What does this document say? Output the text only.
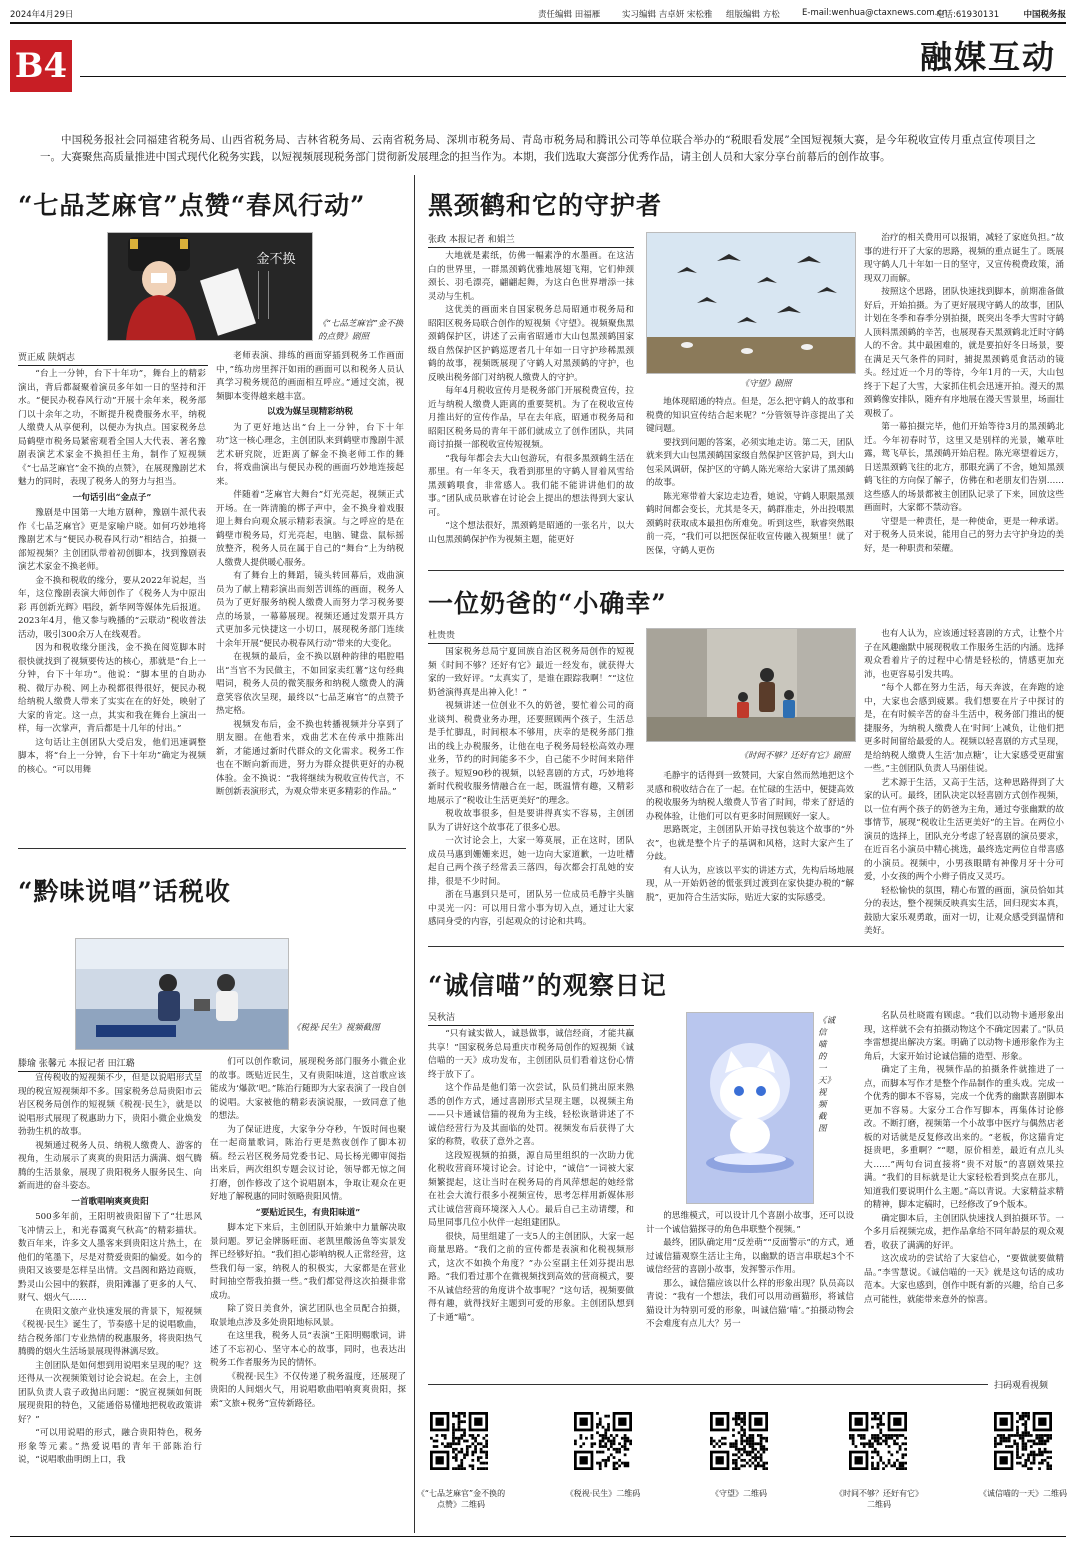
2024年4月29日	责任编辑 田福雁	实习编辑 吉卓妍 宋松雅 组版编辑 方松	E-mail:wenhua@ctaxnews.com.cn
电话:61930131	中国税务报
B4	融媒互动
中国税务报社会同福建省税务局、山西省税务局、吉林省税务局、云南省税务局、深圳市税务局、青岛市税务局和腾讯公司等单位联合举办的“税眼看发展”全国短视频大赛，是今年税收宣传月重点宣传项目之一。大赛聚焦高质量推进中国式现代化税务实践，以短视频展现税务部门贯彻新发展理念的担当作为。本期，我们选取大赛部分优秀作品，请主创人员和大家分享台前幕后的创作故事。
“七品芝麻官”点赞“春风行动”
金不换
《“七品芝麻官”金不换的点赞》剧照
贾正威 陕炳志

“台上一分钟，台下十年功”，舞台上的精彩演出，背后都凝聚着演员多年如一日的坚持和汗水。“便民办税春风行动”开展十余年来，税务部门以十余年之功，不断提升税费服务水平，纳税人缴费人从享便利，以便办为执点。国家税务总局鹤壁市税务局紧密观看全国人大代表、著名豫剧表演艺术家金不换担任主角，制作了短视频《“七品芝麻官”金不换的点赞》，在展现豫剧艺术魅力的同时，表现了税务人的努力与担当。

一句话引出“金点子”

豫剧是中国第一大地方剧种，豫剧牛派代表作《七品芝麻官》更是家喻户晓。如何巧妙地将豫剧艺术与“便民办税春风行动”相结合，拍摄一部短视频？主创团队带着初创脚本，找到豫剧表演艺术家金不换老师。

金不换和税收的缘分，要从2022年说起，当年，这位豫剧表演大师创作了《税务人为中原出彩 再创新光辉》唱段，新华网等媒体先后报道。2023年4月，他又参与晚播的“云联动”税收普法活动，吸引300余万人在线观看。

因为和税收缘分匪浅，金不换在阅览脚本时很快就找到了视频要传达的核心，那就是“台上一分钟，台下十年功”。他说：“脚本里的自助办税、微厅办税、网上办税都很得很好，便民办税给纳税人缴费人带来了实实在在的好处，映射了大家的肯定。这一点，其实和我在舞台上演出一样，每一次掌声，背后都是十几年的付出。”

这句话让主创团队大受启发，他们迅速调整脚本，将“台上一分钟，台下十年功”确定为视频的核心。“可以用舞

老师表演、排练的画面穿插到税务工作画面中，”练功房里挥汗如雨的画面可以和税务人员认真学习税务规范的画面相互呼应。”通过交流，视频脚本变得越来越丰富。

以戏为媒呈现精彩纳税

为了更好地达出“台上一分钟，台下十年功”这一核心理念，主创团队来到鹤壁市豫剧牛派艺术研究院，近距离了解金不换老师工作的舞台，将戏曲演出与便民办税的画面巧妙地连接起来。

伴随着“芝麻官大舞台”灯光亮起，视频正式开场。在一阵清脆的梆子声中，金不换身着戏服迎上舞台向观众展示精彩表演。与之呼应的是在鹤壁市税务局，灯光亮起，电脑、键盘、鼠标摇放整齐，税务人员在属于自己的“舞台”上为纳税人缴费人提供暖心服务。

有了舞台上的舞蹈，镜头转回幕后，戏曲演员为了献上精彩演出而刻苦训练的画面，税务人员为了更好服务纳税人缴费人而努力学习税务要点的场景，一幕幕展现。视频还通过发票开具方式更加多元快捷这一小切口，展现税务部门连续十余年开展“便民办税春风行动”带来的大变化。

在视频的最后，金不换以剧种韵律的唱腔唱出“当官不为民做主，不如回家卖红薯”这句经典唱词，税务人员的微笑服务和纳税人缴费人的满意笑容依次呈现，最终以“七品芝麻官”的点赞予热定格。

视频发布后，金不换也转播视频并分享到了朋友圈。在他看来，戏曲艺术在传承中推陈出新，才能通过新时代群众的文化需求。税务工作也在不断向新而进，努力为群众提供更好的办税体验。金不换说：“我将继续为税收宣传代言，不断创新表演形式，为观众带来更多精彩的作品。”

“黔味说唱”话税收
《税视·民生》视频截图
滕瑜 张馨元 本报记者 田江璐

宣传税收的短视频不少，但是以说唱形式呈现的税宣短视频却不多。国家税务总局贵阳市云岩区税务局创作的短视频《税视·民生》，就是以说唱形式展现了税惠助力下，贵阳小微企业焕发勃勃生机的故事。

视频通过税务人员、纳税人缴费人、游客的视角，生动展示了爽爽的贵阳活力满满、烟气腾腾的生活景象，展现了贵阳税务人服务民生、向新而进的奋斗姿态。

一首歌唱响爽爽贵阳

500多年前，王阳明被贵阳留下了“壮思风飞冲情云上，和光春霭爽气秋高”的精彩描状。数百年来，许多文人墨客来到贵阳这片热土，在他们的笔墨下，尽是对赞爱贵阳的偏爱。如今的贵阳又该要是怎样呈出情。文昌阁和路边商贩，黔灵山公园中的猴群，贵阳滩瀑了更多的人气、财气、烟火气……

在贵阳文旅产业快速发展的背景下，短视频《税视·民生》诞生了，节奏感十足的说唱歌曲，结合税务部门专业热情的税惠服务，将贵阳热气腾腾的烟火生活场景展现得淋漓尽致。

主创团队是如何想到用说唱来呈现的呢？这还得从一次视频策划讨论会说起。在会上，主创团队负责人袁子政抛出问题：“脱宣视频如何既展现贵阳的特色，又能通俗易懂地把税收政策讲好？”

“可以用说唱的形式，融合贵阳特色，税务形象等元素。”热爱说唱的青年干部陈治行说，“说唱歌曲明朗上口，我

们可以创作歌词，展现税务部门服务小微企业的故事。既贴近民生，又有贵阳味道，这首歌应该能成为‘爆款’吧。”陈治行随即为大家表演了一段自创的说唱。大家被他的精彩表演说服，一致同意了他的想法。

为了保证进度，大家争分夺秒，午饭时间也聚在一起商量歌词，陈治行更是熬夜创作了脚本初稿。经云岩区税务局党委书记、局长杨光卿审阅指出来后，两次组织专题会议讨论，领导都无惊之间打磨，创作修改了这个说唱剧本，争取让观众在更好地了解税惠的同时领略贵阳风情。

“要贴近民生，有贵阳味道”

脚本定下来后，主创团队开始兼中力量解决取景问题。罗记金牌肠旺面、老凯里酸汤鱼等实景发挥已经够好拍。“我们担心影响纳税人正常经营，这些我们每一家，纳税人的积极实，大家都是在营业时间抽空帮我拍摄一些。”我们都觉得这次拍摄非常成功。

除了资日美食外，演艺团队也全员配合拍摄，取景地点涉及多处贵阳地标风景。

在这里我，税务人员“表演”王阳明赐歌词，讲述了不忘初心、坚守本心的故事，同时，也表达出税务工作者服务为民的情怀。

《税视·民生》不仅传递了税务温度，还展现了贵阳的人间烟火气，用说唱歌曲唱响爽爽贵阳，探索“文旅+税务”宣传新路径。

黑颈鹤和它的守护者
张政 本报记者 和娟兰

大地就是素纸，仿佛一幅素净的水墨画。在这洁白的世界里，一群黑颈鹤优雅地展翅飞翔，它们伸颈颈长、羽毛漂亮，翩翩起舞，为这白色世界增添一抹灵动与生机。

这优美的画面来自国家税务总局昭通市税务局和昭阳区税务局联合创作的短视频《守望》。视频聚焦黑颈鹤保护区，讲述了云南省昭通市大山包黑颈鹤国家级自然保护区护鹤巡逻者几十年如一日守护珍稀黑颈鹤的故事，视频既展现了守鹤人对黑颈鹤的守护，也反映出税务部门对纳税人缴费人的守护。

每年4月税收宣传月是税务部门开展税费宣传，拉近与纳税人缴费人距离的重要契机。为了在税收宣传月推出好的宣传作品，早在去年底，昭通市税务局和昭阳区税务局的青年干部们就成立了创作团队，共同商讨拍摄一部税收宣传短视频。

“我每年都会去大山包游玩，有很多黑颈鹤生活在那里。有一年冬天，我看到那里的守鹤人冒着风雪给黑颈鹤喂食，非常感人。我们能不能讲讲他们的故事。”团队成员耿睿在讨论会上提出的想法得到大家认可。

“这个想法很好，黑颈鹤是昭通的一张名片，以大山包黑颈鹤保护作为视频主题，能更好

《守望》剧照

地体现昭通的特点。但是，怎么把守鹤人的故事和税费的知识宣传结合起来呢？”分管领导许彦提出了关键问题。

要找到问题的答案，必须实地走访。第二天，团队就来到大山包黑颈鹤国家级自然保护区管护局，到大山包采风调研，保护区的守鹤人陈光寒给大家讲了黑颈鹤的故事。

陈光寒带着大家边走边看，她说，守鹤人职限黑颈鹤时间都会变长，尤其是冬天，鹤群准走，外出投喂黑颈鹤时获取成本最担伤所难免。听到这些，耿睿突然眼前一亮，“我们可以把医保征收宣传融入视频里！就了医保，守鹤人更伤

治疗的相关费用可以报销，减轻了家庭负担。”故事的进行开了大家的思路，视频的重点诞生了。既展现守鹤人几十年如一日的坚守，又宣传税费政策，涌现双刀而解。

按照这个思路，团队快速找到脚本，前期准备做好后，开始拍摄。为了更好展现守鹤人的故事，团队计划在冬季和春季分别拍摄，既突出冬季大雪时守鹤人顶料黑颈鹤的辛苦，也展现春天黑颈鹤北迁时守鹤人的不舍。其中最困难的，就是要拍好冬日场景，要在满足天气条件的同时，捕捉黑颈鹤觅食活动的镜头。经过近一个月的等待，今年1月的一天，大山包终于下起了大雪，大家抓住机会迅速开拍。漫天的黑颈鹤像安排队，随弃有序地展在漫天雪景里，场面壮观极了。

第一幕拍摄完毕，他们开始等待3月的黑颈鹤北迁。今年初春时节，这里又是别样的光景，嫩草吐露，鸳飞草长，黑颈鹤开始启程。陈光寒望着远方，日送黑颈鹤飞往的北方，那眼充满了不舍，她知黑颈鹤飞往的方向保了解子，仿佛在和老朋友们告别……这些感人的场景都被主创团队记录了下来，回放这些画面时，大家都不禁动容。

守望是一种责任，是一种使命，更是一种承诺。对于税务人员来说，能用自己的努力去守护身边的美好，是一种职责和荣耀。

一位奶爸的“小确幸”
杜贵贵

国家税务总局宁夏回族自治区税务局创作的短视频《时间不够？还好有它》最近一经发布，就获得大家的一致好评。“太真实了，是谁在跟踪我啊！”“这位奶爸演得真是出神入化！”

视频讲述一位创业不久的奶爸，要忙着公司的商业谈判、税费业务办理，还要照顾两个孩子，生活总是手忙脚乱，时间根本不够用，庆幸的是税务部门推出的线上办税服务，让他在电子税务局轻松高效办理业务，节约的时间能多不少，自己能不少时间来陪伴孩子。短短90秒的视频，以轻喜剧的方式，巧妙地将新时代税收服务情融合在一起，既温情有趣，又精彩地展示了“税收让生活更美好”的理念。

税收故事很多，但是要讲得真实不容易，主创团队为了讲好这个故事花了很多心思。

一次讨论会上，大家一筹莫展，正在这时，团队成员马惠到姗姗来迟，她一边向大家道歉，一边吐槽起自己两个孩子经常丢三落四，每次都会打乱她的安排，很是不少时间。

浙在马惠到只是可，团队另一位成员毛静宇头脑中灵光一闪：可以用日常小事为切入点，通过让大家感同身受的内容，引起观众的讨论和共鸣。

《时间不够？还好有它》剧照

毛静宇的话得到一致赞同，大家自然而然地把这个灵感和税收结合在了一起。在忙碌的生活中，便捷高效的税收服务为纳税人缴费人节省了时间，带来了舒适的办税体验，让他们可以有更多时间照顾好一家人。

思路既定，主创团队开始寻找包装这个故事的“外衣”，也就是整个片子的基调和风格，这时大家产生了分歧。

有人认为，应该以平实的讲述方式，先构后场地展现，从一开始奶爸的慌张到过渡到在家快捷办税的“解脱”，更加符合生活实际，贴近大家的实际感受。

也有人认为，应该通过轻喜剧的方式，让整个片子在风趣幽默中展现税收工作服务生活的内涵。选择观众看着片子的过程中心情是轻松的，情感更加充沛，也更容易引发共鸣。

“每个人都在努力生活，每天奔波，在奔跑的途中，大家也会感到疲累。我们想要在片子中探讨的是，在有时候辛苦的奋斗生活中，税务部门推出的便捷服务，为纳税人缴费人在‘时间’上减负，让他们把更多时间留给最爱的人。视频以轻喜剧的方式呈现，是给纳税人缴费人生活‘加点糖’，让大家感受更甜蜜一些。”主创团队负责人马丽佳说。

艺术源于生活，又高于生活，这种思路得到了大家的认可。最终，团队决定以轻喜剧方式创作视频，以一位有两个孩子的奶爸为主角，通过夸张幽默的故事情节，展现“税收让生活更美好”的主旨。在两位小演员的选择上，团队充分考虑了轻喜剧的演员要求，在近百名小演员中精心挑选，最终选定两位自带喜感的小演员。视频中，小男孩眼睛有神像月牙十分可爱，小女孩的两个小辫子俏皮又灵巧。

轻松愉快的氛围，精心布置的画面，演员恰如其分的表达，整个视频反映真实生活，回归现实本真，鼓励大家乐观勇敢，面对一切，让观众感受到温情和美好。

“诚信喵”的观察日记
吴秋洁

“只有诚实做人，诚恳做事，诚信经商，才能共赢共享！”国家税务总局重庆市税务局创作的短视频《诚信喵的一天》成功发布，主创团队员们看着这份心情终于放下了。

这个作品是他们第一次尝试，队员们挑出原来熟悉的创作方式，通过喜剧形式呈现主题，以视频主角——只卡通诚信猫的视角为主线，轻松诙谐讲述了不诚信经营行为及其面临的处罚。视频发布后获得了大家的称赞，收获了意外之喜。

这段短视频的拍摄，源自局里组织的一次助力优化税收营商环境讨论会。讨论中，“诚信”一词被大家频繁提起，这让当时在税务局的肖风萍想起的她经常在社会大流行很多小视频宣传，思考怎样用新媒体形式让诚信营商环境深入人心。最后自己主动请缨，和局里同事几位小伙伴一起组建团队。

很快，局里组建了一支5人的主创团队，大家一起商量思路。“我们之前的宣传都是表演和化税视频形式，这次不如换个角度？”办公室副主任刘芬提出思路。“我们看过那个在微视频找到高效的营商模式，要不从诚信经营的角度讲个故事呢？”这句话，视频要做得有趣，就得找好主题到可爱的形象。主创团队想到了卡通“喵”。

《诚信喵的一天》视频截图

的思维模式，可以设计几个喜剧小故事，还可以设计一个诚信猫探寻的角色串联整个视频。”

最终，团队确定用“反差萌”“反面警示”的方式，通过诚信猫观察生活让主角，以幽默的语言串联起3个不诚信经营的喜剧小故事，发挥警示作用。

那么，诚信猫应该以什么样的形象出现？队员高以青说：“我有一个想法，我们可以用动画猫形，将诚信猫设计为特别可爱的形象，叫诚信猫‘喵’。”拍摄动物会不会难度有点儿大？另一

名队员杜晓霞有顾虑。“我们以动物卡通形象出现，这样就不会有拍摄动物这个不确定因素了。”队员李雷想提出解决方案。明确了以动物卡通形象作为主角后，大家开始讨论诚信猫的造型、形象。

确定了主角，视频作品的拍摄条件就推进了一点，而脚本写作才是整个作品制作的重头戏。完成一个优秀的脚本不容易，完成一个优秀的幽默喜剧脚本更加不容易。大家分工合作写脚本，再集体讨论修改。不断打磨，视频第一个小故事中医疗与偶然店老板的对话就是反复修改出来的。“老板，你这猫肯定挺贵吧，多重啊？”“嗯，原价相差，最近有点儿头大……”两句台词直接将“贵不对版”的喜剧效果拉满。“我们的目标就是让大家轻松看到奖点在那儿，知道我们要说明什么主题。”高以青说。大家精益求精的精神，脚本定稿时，已经修改了9个版本。

确定脚本后，主创团队快速找人到拍摄环节。一个多月后视频完成，把作品拿给不同年龄层的观众观看，收获了满满的好评。

这次成功的尝试给了大家信心，“要做就要做精品。”李雪慧说。《诚信喵的一天》就是这句话的成功范本。大家也感到，创作中既有新的兴趣，给自己多点可能性，就能带来意外的惊喜。

扫码观看视频
《“七品芝麻官”金不换的点赞》二维码
《税视·民生》二维码	《守望》二维码	《时间不够？还好有它》二维码
《诚信喵的一天》二维码
